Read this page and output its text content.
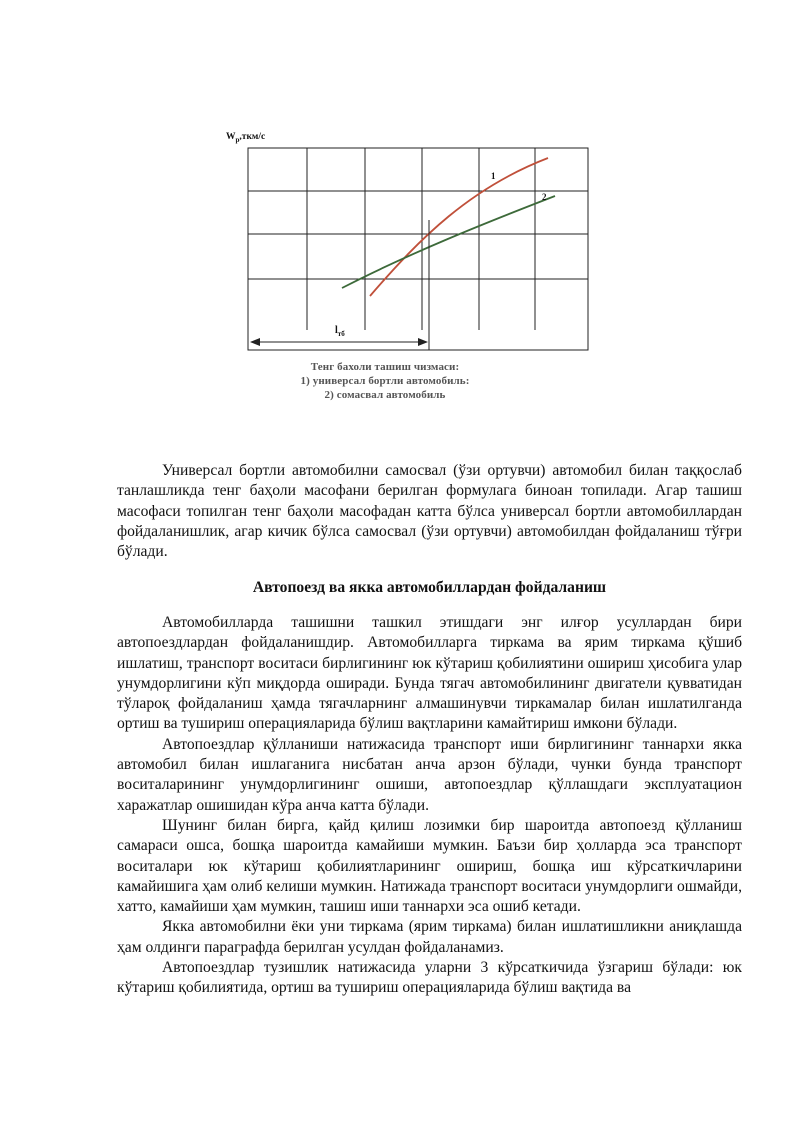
$W_p,ткм/с$
1
2
$l_{тб}$
Тенг бахоли ташиш чизмаси:
1) универсал бортли автомобиль:
2) сомасвал автомобиль

Универсал бортли автомобилни самосвал (ўзи ортувчи) автомобил билан таққослаб танлашликда тенг баҳоли масофани берилган формулага биноан топилади. Агар ташиш масофаси топилган тенг баҳоли масофадан катта бўлса универсал бортли автомобиллардан фойдаланишлик, агар кичик бўлса самосвал (ўзи ортувчи) автомобилдан фойдаланиш тўғри бўлади.

Автопоезд ва якка автомобиллардан фойдаланиш

Автомобилларда ташишни ташкил этишдаги энг илғор усуллардан бири автопоездлардан фойдаланишдир. Автомобилларга тиркама ва ярим тиркама қўшиб ишлатиш, транспорт воситаси бирлигининг юк кўтариш қобилиятини ошириш ҳисобига улар унумдорлигини кўп миқдорда оширади. Бунда тягач автомобилининг двигатели қувватидан тўлароқ фойдаланиш ҳамда тягачларнинг алмашинувчи тиркамалар билан ишлатилганда ортиш ва тушириш операцияларида бўлиш вақтларини камайтириш имкони бўлади.

Автопоездлар қўлланиши натижасида транспорт иши бирлигининг таннархи якка автомобил билан ишлаганига нисбатан анча арзон бўлади, чунки бунда транспорт воситаларининг унумдорлигининг ошиши, автопоездлар қўллашдаги эксплуатацион харажатлар ошишидан кўра анча катта бўлади.

Шунинг билан бирга, қайд қилиш лозимки бир шароитда автопоезд қўлланиш самараси ошса, бошқа шароитда камайиши мумкин. Баъзи бир ҳолларда эса транспорт воситалари юк кўтариш қобилиятларининг ошириш, бошқа иш кўрсаткичларини камайишига ҳам олиб келиши мумкин. Натижада транспорт воситаси унумдорлиги ошмайди, хатто, камайиши ҳам мумкин, ташиш иши таннархи эса ошиб кетади.

Якка автомобилни ёки уни тиркама (ярим тиркама) билан ишлатишликни аниқлашда ҳам олдинги параграфда берилган усулдан фойдаланамиз.

Автопоездлар тузишлик натижасида уларни 3 кўрсаткичида ўзгариш бўлади: юк кўтариш қобилиятида, ортиш ва тушириш операцияларида бўлиш вақтида ва
